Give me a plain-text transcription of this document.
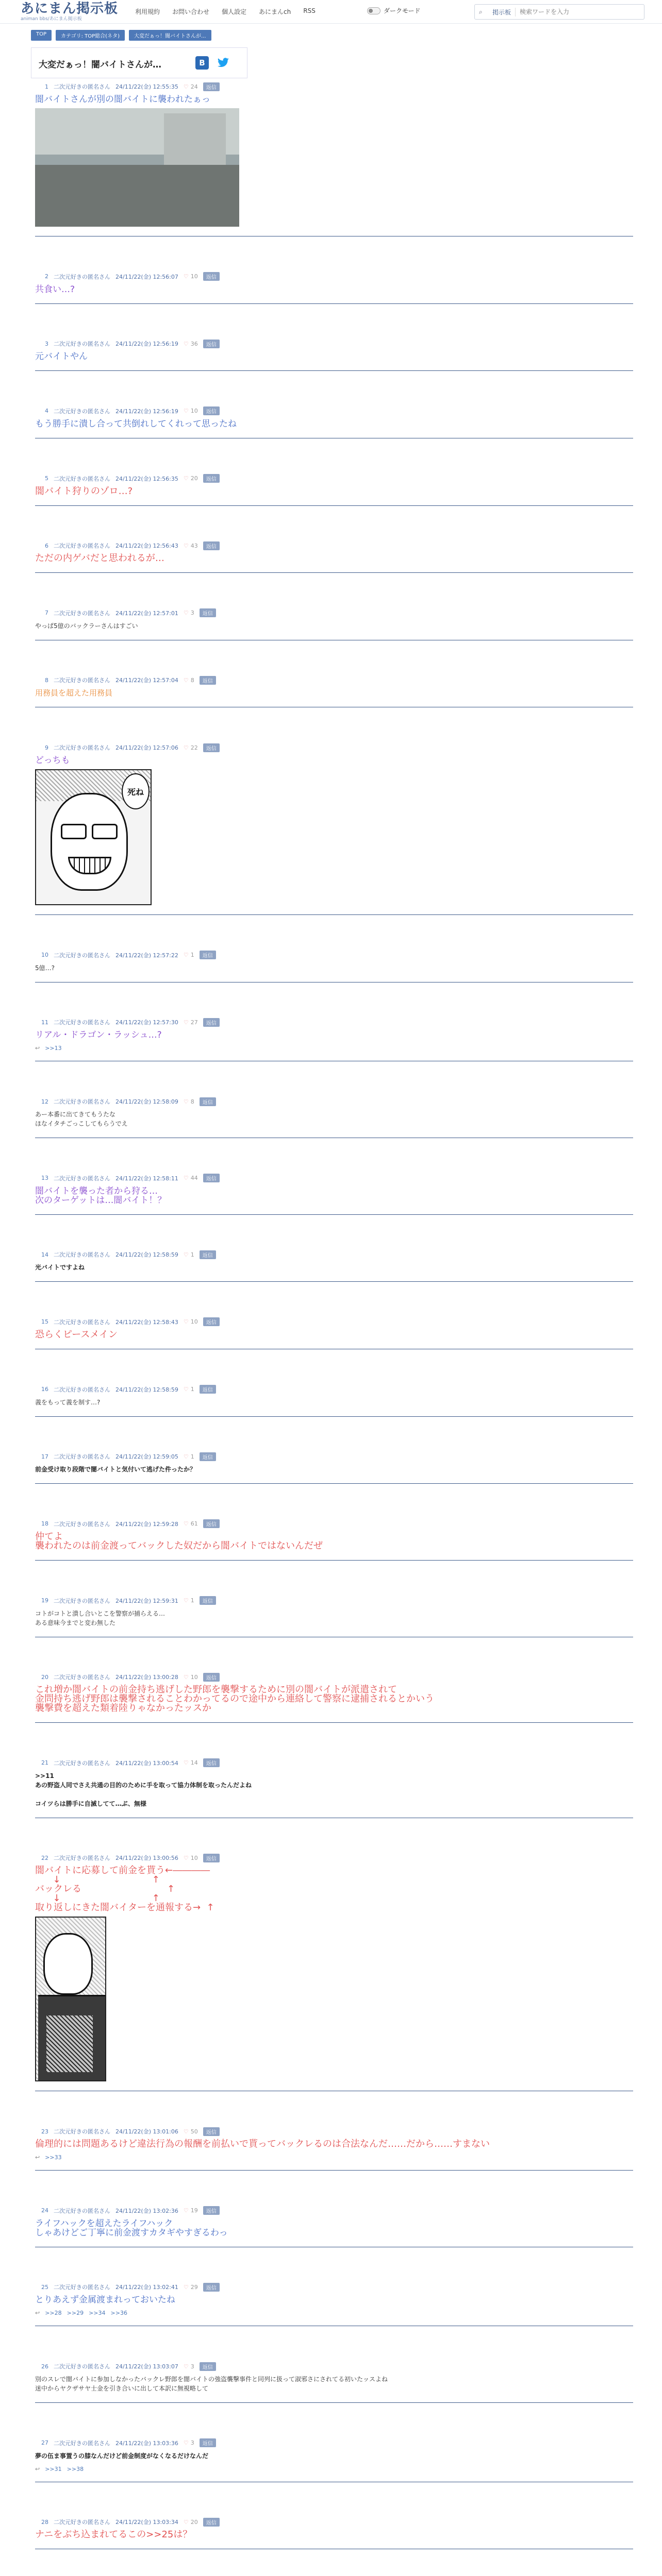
あにまん掲示板
animan bbs/あにまん掲示板
利用規約 お問い合わせ 個人設定 あにまんch RSS	ダークモード	⌕	掲示板
検索ワードを入力
TOP	カテゴリ: TOP総合(ネタ)	大変だぁっ！闇バイトさんが...
大変だぁっ！闇バイトさんが…	B
1 二次元好きの匿名さん 24/11/22(金) 12:55:35 ♡ 24	返信
闇バイトさんが別の闇バイトに襲われたぁっ
2 二次元好きの匿名さん 24/11/22(金) 12:56:07 ♡ 10	返信
共食い…?
3 二次元好きの匿名さん 24/11/22(金) 12:56:19 ♡ 36	返信
元バイトやん
4 二次元好きの匿名さん 24/11/22(金) 12:56:19 ♡ 10	返信
もう勝手に潰し合って共倒れしてくれって思ったね
5 二次元好きの匿名さん 24/11/22(金) 12:56:35 ♡ 20	返信
闇バイト狩りのゾロ…?
6 二次元好きの匿名さん 24/11/22(金) 12:56:43 ♡ 43	返信
ただの内ゲバだと思われるが…
7 二次元好きの匿名さん 24/11/22(金) 12:57:01 ♡ 3	返信
やっぱ5億のバックラーさんはすごい
8 二次元好きの匿名さん 24/11/22(金) 12:57:04 ♡ 8	返信
用務員を超えた用務員
9 二次元好きの匿名さん 24/11/22(金) 12:57:06 ♡ 22	返信
どっちも
死ね
10 二次元好きの匿名さん 24/11/22(金) 12:57:22 ♡ 1	返信
5億…?
11 二次元好きの匿名さん 24/11/22(金) 12:57:30 ♡ 27	返信
リアル・ドラゴン・ラッシュ…?
↩ >>13
12 二次元好きの匿名さん 24/11/22(金) 12:58:09 ♡ 8	返信
あー本番に出てきてもうたな
ほなイタチごっこしてもらうでえ
13 二次元好きの匿名さん 24/11/22(金) 12:58:11 ♡ 44	返信
闇バイトを襲った者から狩る…
次のターゲットは…闇バイト！？
14 二次元好きの匿名さん 24/11/22(金) 12:58:59 ♡ 1	返信
光バイトですよね
15 二次元好きの匿名さん 24/11/22(金) 12:58:43 ♡ 10	返信
恐らくピースメイン
16 二次元好きの匿名さん 24/11/22(金) 12:58:59 ♡ 1	返信
義をもって義を制す…?
17 二次元好きの匿名さん 24/11/22(金) 12:59:05 ♡ 1	返信
前金受け取り段階で闇バイトと気付いて逃げた件ったか？
18 二次元好きの匿名さん 24/11/22(金) 12:59:28 ♡ 61	返信
仲てよ
襲われたのは前金渡ってバックした奴だから闇バイトではないんだぜ
19 二次元好きの匿名さん 24/11/22(金) 12:59:31 ♡ 1	返信
コトがコトと潰し合いとこを警察が捕らえる…
ある意味今までと変わ無した
20 二次元好きの匿名さん 24/11/22(金) 13:00:28 ♡ 10	返信
これ増か闇バイトの前金持ち逃げした野郎を襲撃するために別の闇バイトが派遣されて
金問持ち逃げ野郎は襲撃されることわかってるので途中から連絡して警察に逮捕されるとかいう
襲撃費を超えた類着陸りゃなかったッスか
21 二次元好きの匿名さん 24/11/22(金) 13:00:54 ♡ 14	返信
>>11
あの野盗人同でさえ共通の目的のために手を取って協力体制を取ったんだよね

コイツらは勝手に自滅してて…ぶ、無様
22 二次元好きの匿名さん 24/11/22(金) 13:00:56 ♡ 10	返信
闇バイトに応募して前金を貰う←――――
↓                               ↑
バックレる                             ↑
↓                               ↑
取り返しにきた闇バイターを通報する→  ↑
23 二次元好きの匿名さん 24/11/22(金) 13:01:06 ♡ 50	返信
倫理的には問題あるけど違法行為の報酬を前払いで貰ってバックレるのは合法なんだ……だから……すまない
↩ >>33
24 二次元好きの匿名さん 24/11/22(金) 13:02:36 ♡ 19	返信
ライフハックを超えたライフハック
しゃあけどご丁寧に前金渡すカタギやすぎるわっ
25 二次元好きの匿名さん 24/11/22(金) 13:02:41 ♡ 29	返信
とりあえず金属渡まれっておいたね
↩ >>28 >>29 >>34 >>36
26 二次元好きの匿名さん 24/11/22(金) 13:03:07 ♡ 3	返信
別のスレで闇バイトに参加しなかったバックレ野郎を闇バイトの強盗襲撃事件と同列に扱って淑邪さにされてる初いたッスよね
迷中からヤクザサヤ士金を引き合いに出して本訳に無視略して
27 二次元好きの匿名さん 24/11/22(金) 13:03:36 ♡ 3	返信
夢の伍ま事置うの膝なんだけど前金制度がなくなるだけなんだ
↩ >>31 >>38
28 二次元好きの匿名さん 24/11/22(金) 13:03:34 ♡ 20	返信
ナニをぶち込まれてるこの>>25は？
